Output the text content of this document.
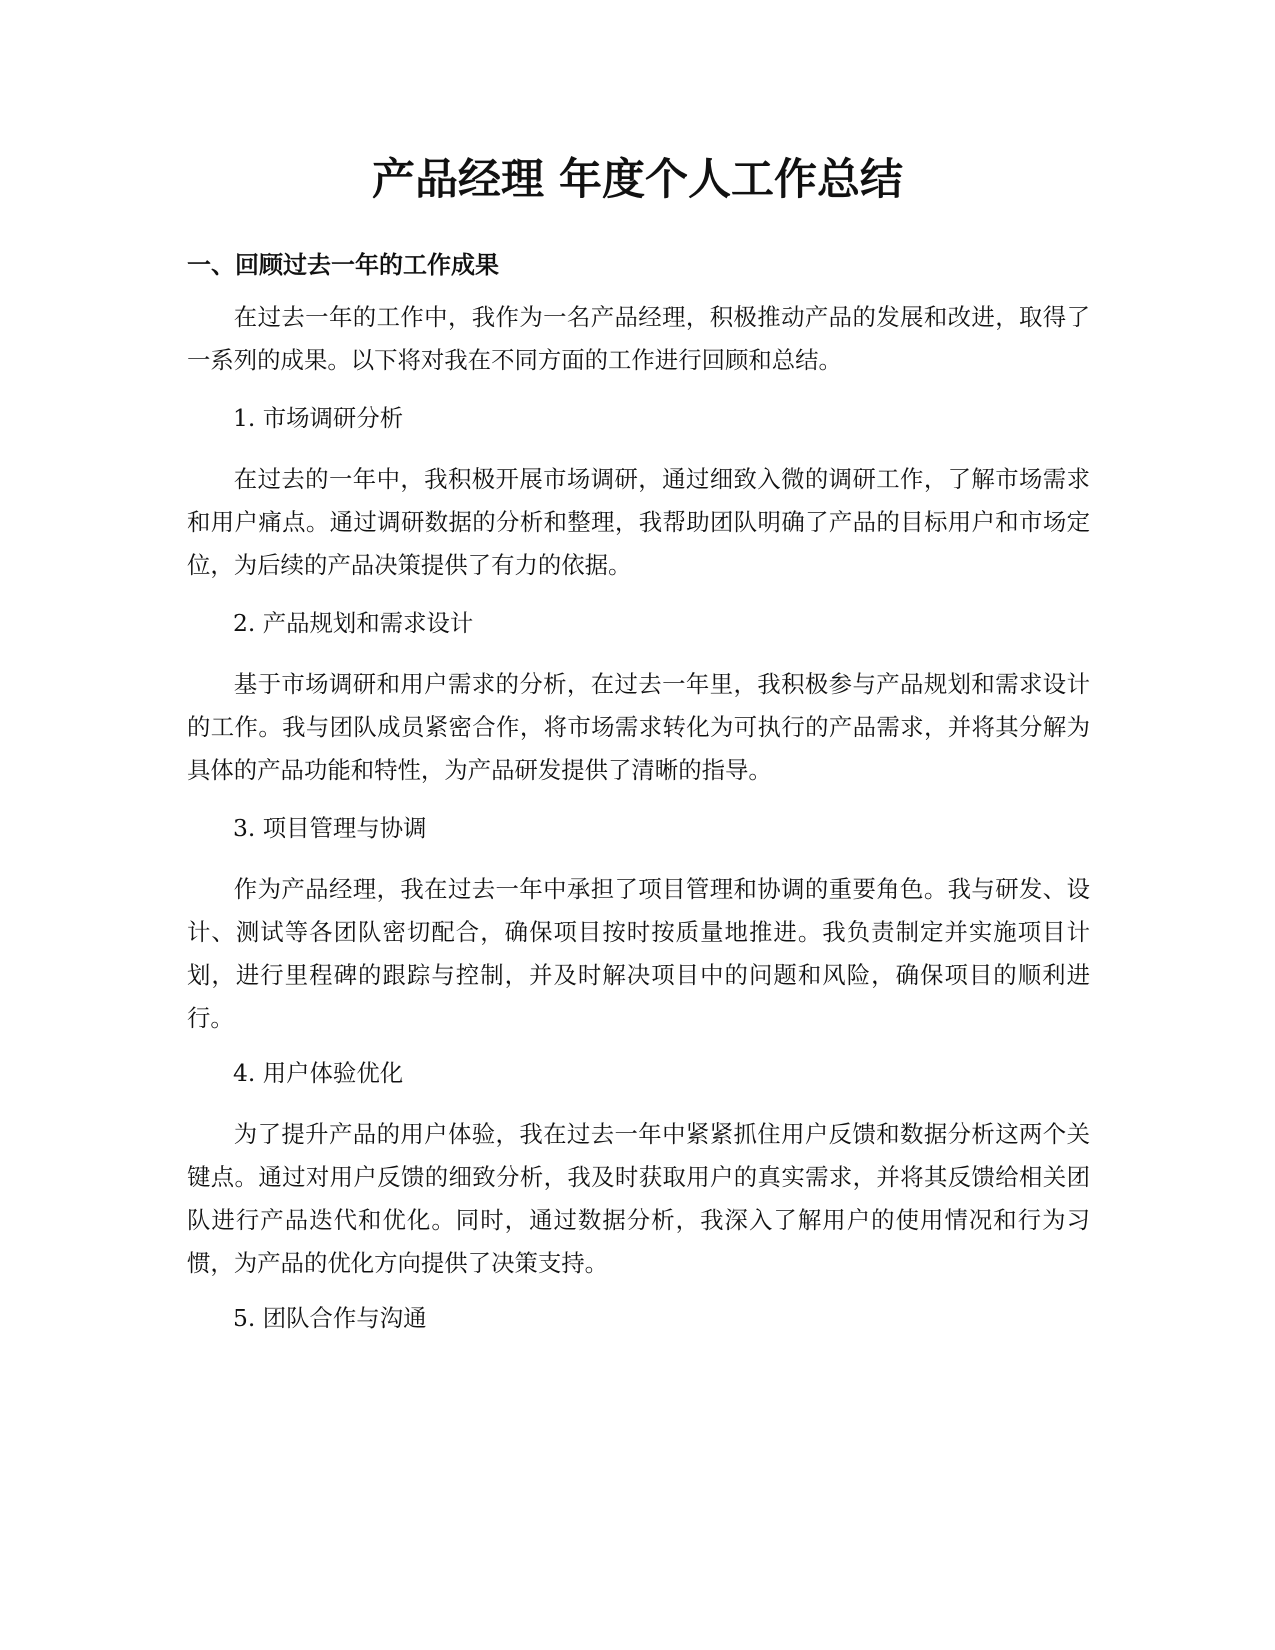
产品经理 年度个人工作总结
一、回顾过去一年的工作成果

在过去一年的工作中，我作为一名产品经理，积极推动产品的发展和改进，取得了一系列的成果。以下将对我在不同方面的工作进行回顾和总结。

1. 市场调研分析

在过去的一年中，我积极开展市场调研，通过细致入微的调研工作，了解市场需求和用户痛点。通过调研数据的分析和整理，我帮助团队明确了产品的目标用户和市场定位，为后续的产品决策提供了有力的依据。

2. 产品规划和需求设计

基于市场调研和用户需求的分析，在过去一年里，我积极参与产品规划和需求设计的工作。我与团队成员紧密合作，将市场需求转化为可执行的产品需求，并将其分解为具体的产品功能和特性，为产品研发提供了清晰的指导。

3. 项目管理与协调

作为产品经理，我在过去一年中承担了项目管理和协调的重要角色。我与研发、设计、测试等各团队密切配合，确保项目按时按质量地推进。我负责制定并实施项目计划，进行里程碑的跟踪与控制，并及时解决项目中的问题和风险，确保项目的顺利进行。

4. 用户体验优化

为了提升产品的用户体验，我在过去一年中紧紧抓住用户反馈和数据分析这两个关键点。通过对用户反馈的细致分析，我及时获取用户的真实需求，并将其反馈给相关团队进行产品迭代和优化。同时，通过数据分析，我深入了解用户的使用情况和行为习惯，为产品的优化方向提供了决策支持。

5. 团队合作与沟通
